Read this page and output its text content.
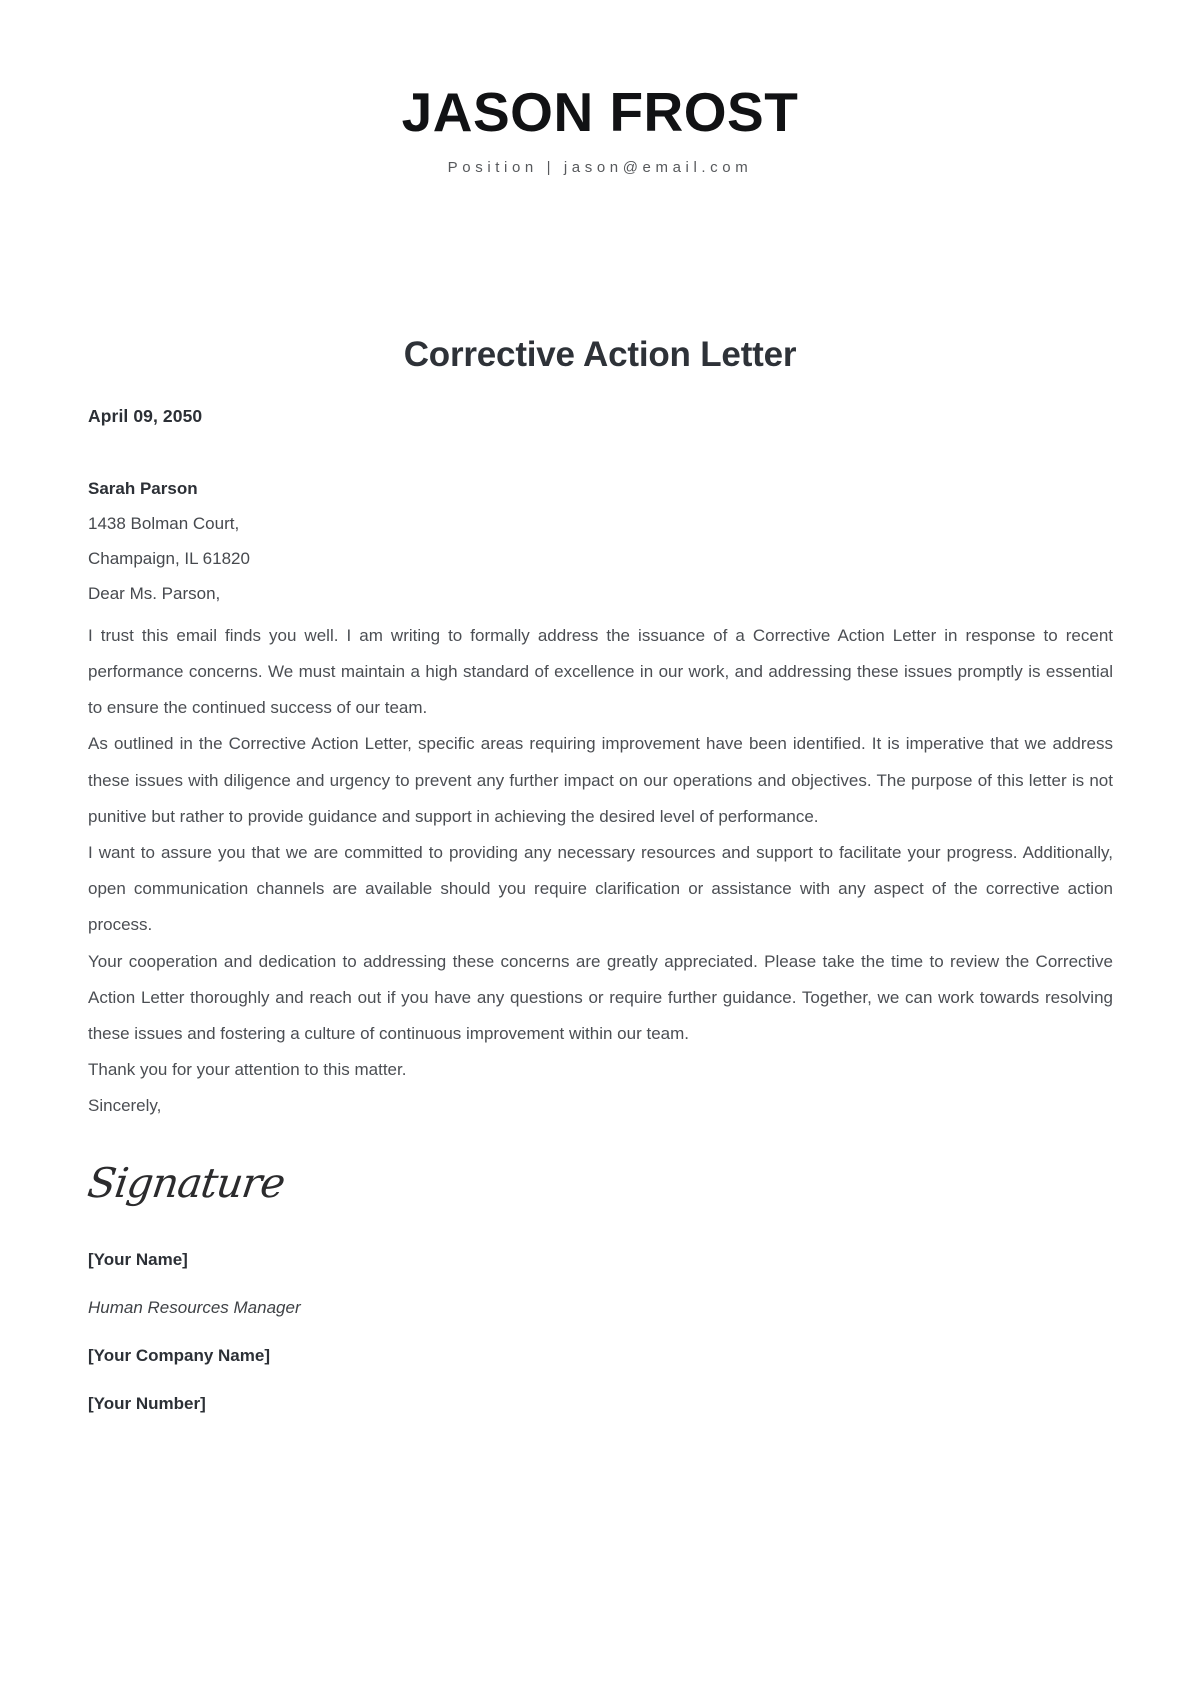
JASON FROST
Position | jason@email.com
Corrective Action Letter
April 09, 2050
Sarah Parson
1438 Bolman Court,
Champaign, IL 61820
Dear Ms. Parson,

I trust this email finds you well. I am writing to formally address the issuance of a Corrective Action Letter in response to recent performance concerns. We must maintain a high standard of excellence in our work, and addressing these issues promptly is essential to ensure the continued success of our team.

As outlined in the Corrective Action Letter, specific areas requiring improvement have been identified. It is imperative that we address these issues with diligence and urgency to prevent any further impact on our operations and objectives. The purpose of this letter is not punitive but rather to provide guidance and support in achieving the desired level of performance.

I want to assure you that we are committed to providing any necessary resources and support to facilitate your progress. Additionally, open communication channels are available should you require clarification or assistance with any aspect of the corrective action process.

Your cooperation and dedication to addressing these concerns are greatly appreciated. Please take the time to review the Corrective Action Letter thoroughly and reach out if you have any questions or require further guidance. Together, we can work towards resolving these issues and fostering a culture of continuous improvement within our team.

Thank you for your attention to this matter.
Sincerely,
Signature
[Your Name]
Human Resources Manager
[Your Company Name]
[Your Number]
